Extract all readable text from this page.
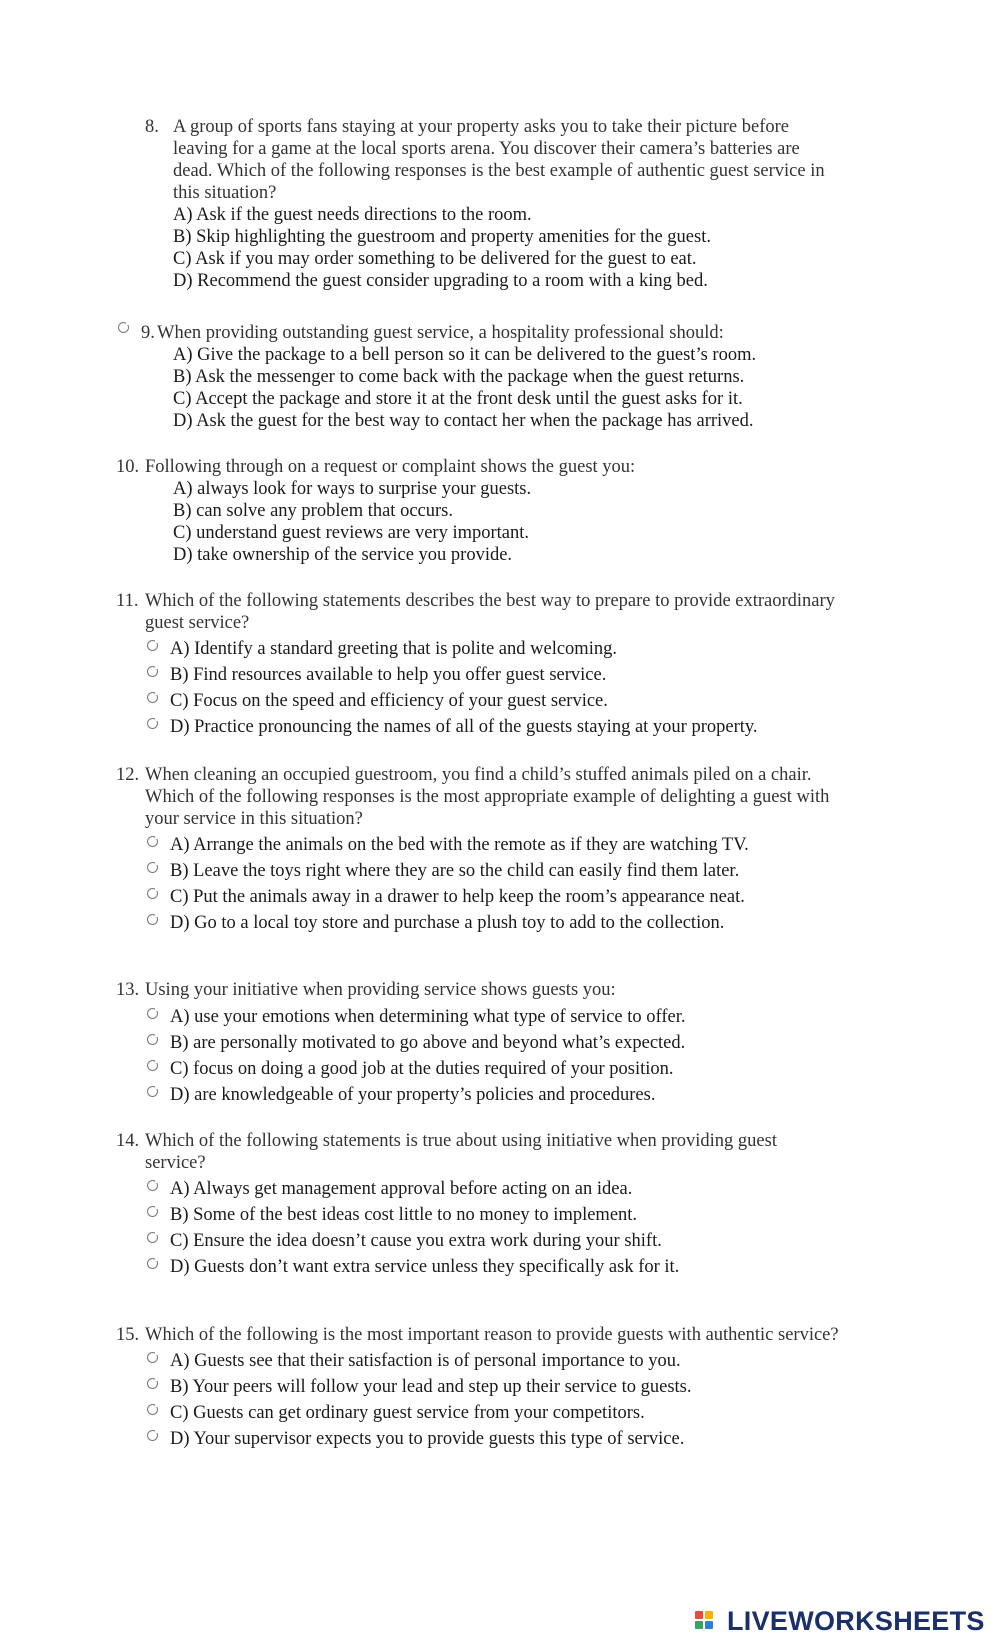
8. A group of sports fans staying at your property asks you to take their picture before
leaving for a game at the local sports arena. You discover their camera’s batteries are
dead. Which of the following responses is the best example of authentic guest service in
this situation?
A) Ask if the guest needs directions to the room.
B) Skip highlighting the guestroom and property amenities for the guest.
C) Ask if you may order something to be delivered for the guest to eat.
D) Recommend the guest consider upgrading to a room with a king bed.
9. When providing outstanding guest service, a hospitality professional should:
A) Give the package to a bell person so it can be delivered to the guest’s room.
B) Ask the messenger to come back with the package when the guest returns.
C) Accept the package and store it at the front desk until the guest asks for it.
D) Ask the guest for the best way to contact her when the package has arrived.
10. Following through on a request or complaint shows the guest you:
A) always look for ways to surprise your guests.
B) can solve any problem that occurs.
C) understand guest reviews are very important.
D) take ownership of the service you provide.
11. Which of the following statements describes the best way to prepare to provide extraordinary
guest service?
A) Identify a standard greeting that is polite and welcoming.
B) Find resources available to help you offer guest service.
C) Focus on the speed and efficiency of your guest service.
D) Practice pronouncing the names of all of the guests staying at your property.
12. When cleaning an occupied guestroom, you find a child’s stuffed animals piled on a chair.
Which of the following responses is the most appropriate example of delighting a guest with
your service in this situation?
A) Arrange the animals on the bed with the remote as if they are watching TV.
B) Leave the toys right where they are so the child can easily find them later.
C) Put the animals away in a drawer to help keep the room’s appearance neat.
D) Go to a local toy store and purchase a plush toy to add to the collection.
13. Using your initiative when providing service shows guests you:
A) use your emotions when determining what type of service to offer.
B) are personally motivated to go above and beyond what’s expected.
C) focus on doing a good job at the duties required of your position.
D) are knowledgeable of your property’s policies and procedures.
14. Which of the following statements is true about using initiative when providing guest
service?
A) Always get management approval before acting on an idea.
B) Some of the best ideas cost little to no money to implement.
C) Ensure the idea doesn’t cause you extra work during your shift.
D) Guests don’t want extra service unless they specifically ask for it.
15. Which of the following is the most important reason to provide guests with authentic service?
A) Guests see that their satisfaction is of personal importance to you.
B) Your peers will follow your lead and step up their service to guests.
C) Guests can get ordinary guest service from your competitors.
D) Your supervisor expects you to provide guests this type of service.
LIVEWORKSHEETS
